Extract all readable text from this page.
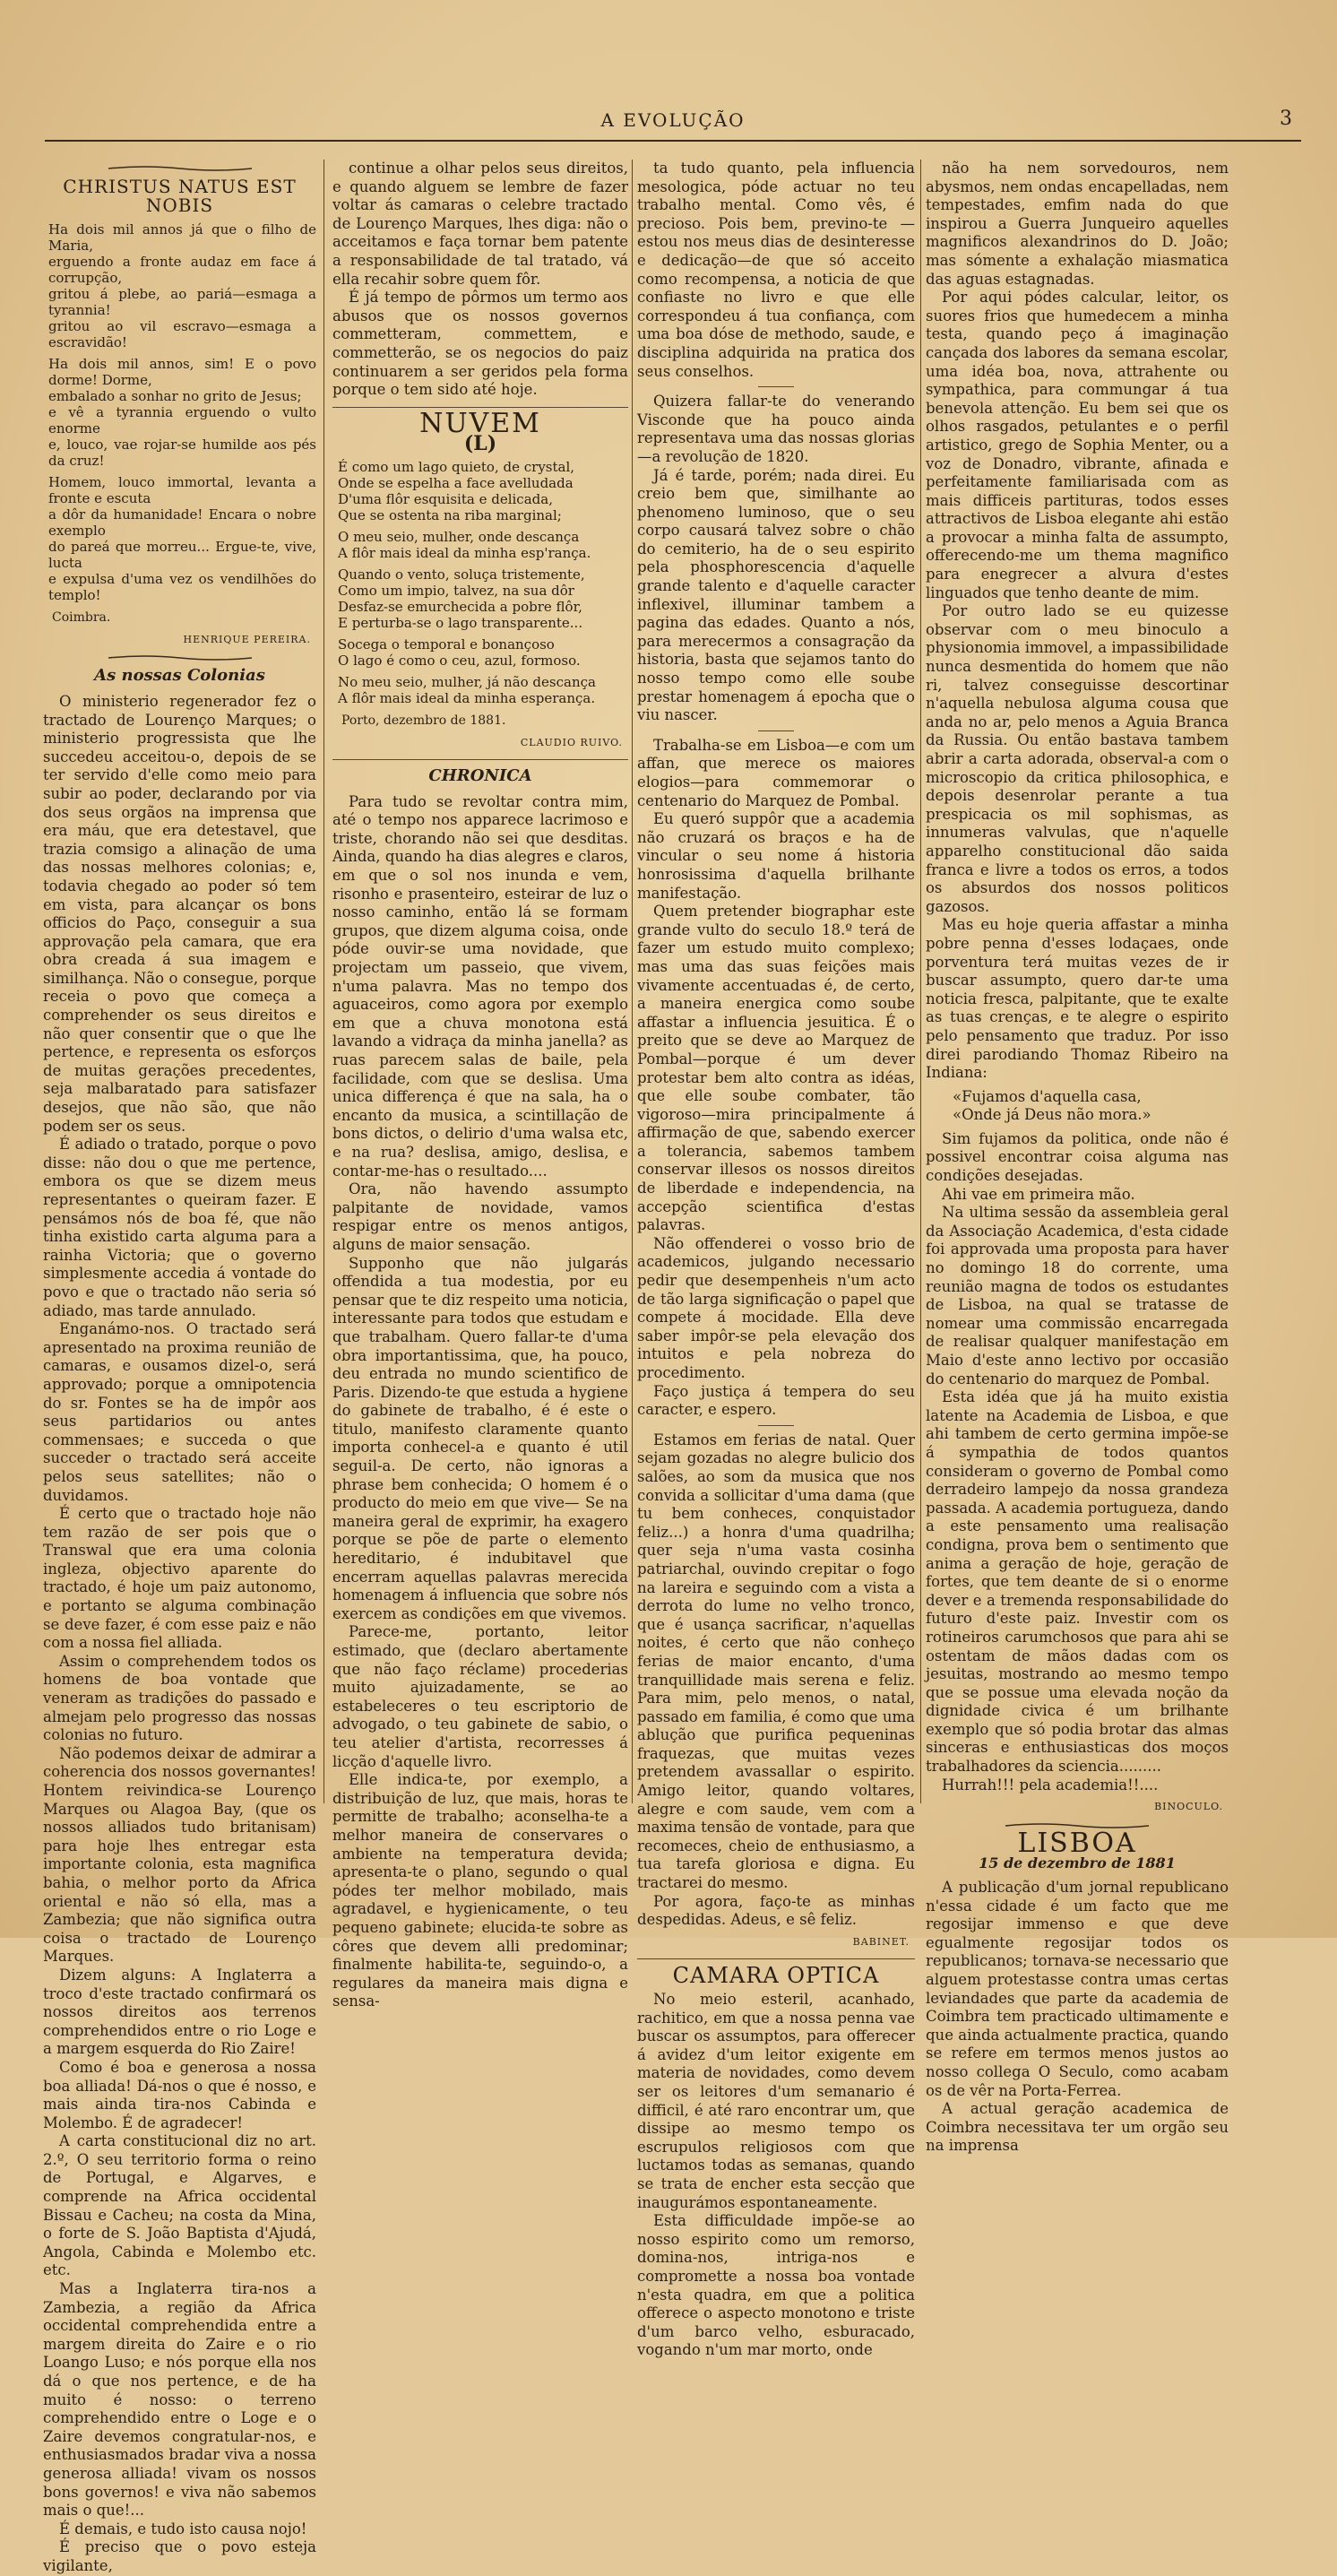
A EVOLUÇÃO	3
CHRISTUS NATUS EST NOBIS
Ha dois mil annos já que o filho de Maria,
erguendo a fronte audaz em face á corrupção,
gritou á plebe, ao pariá—esmaga a tyrannia!
gritou ao vil escravo—esmaga a escravidão!
Ha dois mil annos, sim! E o povo dorme! Dorme,
embalado a sonhar no grito de Jesus;
e vê a tyrannia erguendo o vulto enorme
e, louco, vae rojar-se humilde aos pés da cruz!
Homem, louco immortal, levanta a fronte e escuta
a dôr da humanidade! Encara o nobre exemplo
do pareá que morreu... Ergue-te, vive, lucta
e expulsa d'uma vez os vendilhões do templo!
Coimbra.
HENRIQUE PEREIRA.
As nossas Colonias

O ministerio regenerador fez o tractado de Lourenço Marques; o ministerio progressista que lhe succedeu acceitou-o, depois de se ter servido d'elle como meio para subir ao poder, declarando por via dos seus orgãos na imprensa que era máu, que era detestavel, que trazia comsigo a alinação de uma das nossas melhores colonias; e, todavia chegado ao poder só tem em vista, para alcançar os bons officios do Paço, conseguir a sua approvação pela camara, que era obra creada á sua imagem e similhança. Não o consegue, porque receia o povo que começa a comprehender os seus direitos e não quer consentir que o que lhe pertence, e representa os esforços de muitas gerações precedentes, seja malbaratado para satisfazer desejos, que não são, que não podem ser os seus.

É adiado o tratado, porque o povo disse: não dou o que me pertence, embora os que se dizem meus representantes o queiram fazer. E pensámos nós de boa fé, que não tinha existido carta alguma para a rainha Victoria; que o governo simplesmente accedia á vontade do povo e que o tractado não seria só adiado, mas tarde annulado.

Enganámo-nos. O tractado será apresentado na proxima reunião de camaras, e ousamos dizel-o, será approvado; porque a omnipotencia do sr. Fontes se ha de impôr aos seus partidarios ou antes commensaes; e succeda o que succeder o tractado será acceite pelos seus satellites; não o duvidamos.

É certo que o tractado hoje não tem razão de ser pois que o Transwal que era uma colonia ingleza, objectivo aparente do tractado, é hoje um paiz autonomo, e portanto se alguma combinação se deve fazer, é com esse paiz e não com a nossa fiel alliada.

Assim o comprehendem todos os homens de boa vontade que veneram as tradições do passado e almejam pelo progresso das nossas colonias no futuro.

Não podemos deixar de admirar a coherencia dos nossos governantes! Hontem reivindica-se Lourenço Marques ou Alagoa Bay, (que os nossos alliados tudo britanisam) para hoje lhes entregar esta importante colonia, esta magnifica bahia, o melhor porto da Africa oriental e não só ella, mas a Zambezia; que não significa outra coisa o tractado de Lourenço Marques.

Dizem alguns: A Inglaterra a troco d'este tractado confirmará os nossos direitos aos terrenos comprehendidos entre o rio Loge e a margem esquerda do Rio Zaire!

Como é boa e generosa a nossa boa alliada! Dá-nos o que é nosso, e mais ainda tira-nos Cabinda e Molembo. É de agradecer!

A carta constitucional diz no art. 2.º, O seu territorio forma o reino de Portugal, e Algarves, e comprende na Africa occidental Bissau e Cacheu; na costa da Mina, o forte de S. João Baptista d'Ajudá, Angola, Cabinda e Molembo etc. etc.

Mas a Inglaterra tira-nos a Zambezia, a região da Africa occidental comprehendida entre a margem direita do Zaire e o rio Loango Luso; e nós porque ella nos dá o que nos pertence, e de ha muito é nosso: o terreno comprehendido entre o Loge e o Zaire devemos congratular-nos, e enthusiasmados bradar viva a nossa generosa alliada! vivam os nossos bons governos! e viva não sabemos mais o que!...

É demais, e tudo isto causa nojo!

É preciso que o povo esteja vigilante,

continue a olhar pelos seus direitos, e quando alguem se lembre de fazer voltar ás camaras o celebre tractado de Lourenço Marques, lhes diga: não o acceitamos e faça tornar bem patente a responsabilidade de tal tratado, vá ella recahir sobre quem fôr.

É já tempo de pôrmos um termo aos abusos que os nossos governos commetteram, commettem, e commetterão, se os negocios do paiz continuarem a ser geridos pela forma porque o tem sido até hoje.

NUVEM
(L)
É como um lago quieto, de crystal,
Onde se espelha a face avelludada
D'uma flôr esquisita e delicada,
Que se ostenta na riba marginal;
O meu seio, mulher, onde descança
A flôr mais ideal da minha esp'rança.
Quando o vento, soluça tristemente,
Como um impio, talvez, na sua dôr
Desfaz-se emurchecida a pobre flôr,
E perturba-se o lago transparente...
Socega o temporal e bonançoso
O lago é como o ceu, azul, formoso.
No meu seio, mulher, já não descança
A flôr mais ideal da minha esperança.
Porto, dezembro de 1881.
CLAUDIO RUIVO.
CHRONICA

Para tudo se revoltar contra mim, até o tempo nos apparece lacrimoso e triste, chorando não sei que desditas. Ainda, quando ha dias alegres e claros, em que o sol nos inunda e vem, risonho e prasenteiro, esteirar de luz o nosso caminho, então lá se formam grupos, que dizem alguma coisa, onde póde ouvir-se uma novidade, que projectam um passeio, que vivem, n'uma palavra. Mas no tempo dos aguaceiros, como agora por exemplo em que a chuva monotona está lavando a vidraça da minha janella? as ruas parecem salas de baile, pela facilidade, com que se deslisa. Uma unica differença é que na sala, ha o encanto da musica, a scintillação de bons dictos, o delirio d'uma walsa etc, e na rua? deslisa, amigo, deslisa, e contar-me-has o resultado....

Ora, não havendo assumpto palpitante de novidade, vamos respigar entre os menos antigos, alguns de maior sensação.

Supponho que não julgarás offendida a tua modestia, por eu pensar que te diz respeito uma noticia, interessante para todos que estudam e que trabalham. Quero fallar-te d'uma obra importantissima, que, ha pouco, deu entrada no mundo scientifico de Paris. Dizendo-te que estuda a hygiene do gabinete de trabalho, é é este o titulo, manifesto claramente quanto importa conhecel-a e quanto é util seguil-a. De certo, não ignoras a phrase bem conhecida; O homem é o producto do meio em que vive— Se na maneira geral de exprimir, ha exagero porque se põe de parte o elemento hereditario, é indubitavel que encerram aquellas palavras merecida homenagem á influencia que sobre nós exercem as condições em que vivemos.

Parece-me, portanto, leitor estimado, que (declaro abertamente que não faço réclame) procederias muito ajuizadamente, se ao estabeleceres o teu escriptorio de advogado, o teu gabinete de sabio, o teu atelier d'artista, recorresses á licção d'aquelle livro.

Elle indica-te, por exemplo, a distribuição de luz, que mais, horas te permitte de trabalho; aconselha-te a melhor maneira de conservares o ambiente na temperatura devida; apresenta-te o plano, segundo o qual pódes ter melhor mobilado, mais agradavel, e hygienicamente, o teu pequeno gabinete; elucida-te sobre as côres que devem alli predominar; finalmente habilita-te, seguindo-o, a regulares da maneira mais digna e sensa-

ta tudo quanto, pela influencia mesologica, póde actuar no teu trabalho mental. Como vês, é precioso. Pois bem, previno-te —estou nos meus dias de desinteresse e dedicação—de que só acceito como recompensa, a noticia de que confiaste no livro e que elle correspondeu á tua confiança, com uma boa dóse de methodo, saude, e disciplina adquirida na pratica dos seus conselhos.

Quizera fallar-te do venerando Visconde que ha pouco ainda representava uma das nossas glorias—a revolução de 1820.

Já é tarde, porém; nada direi. Eu creio bem que, similhante ao phenomeno luminoso, que o seu corpo causará talvez sobre o chão do cemiterio, ha de o seu espirito pela phosphorescencia d'aquelle grande talento e d'aquelle caracter inflexivel, illuminar tambem a pagina das edades. Quanto a nós, para merecermos a consagração da historia, basta que sejamos tanto do nosso tempo como elle soube prestar homenagem á epocha que o viu nascer.

Trabalha-se em Lisboa—e com um affan, que merece os maiores elogios—para commemorar o centenario do Marquez de Pombal.

Eu queró suppôr que a academia não cruzará os braços e ha de vincular o seu nome á historia honrosissima d'aquella brilhante manifestação.

Quem pretender biographar este grande vulto do seculo 18.º terá de fazer um estudo muito complexo; mas uma das suas feições mais vivamente accentuadas é, de certo, a maneira energica como soube affastar a influencia jesuitica. É o preito que se deve ao Marquez de Pombal—porque é um dever protestar bem alto contra as idéas, que elle soube combater, tão vigoroso—mira principalmente á affirmação de que, sabendo exercer a tolerancia, sabemos tambem conservar illesos os nossos direitos de liberdade e independencia, na accepção scientifica d'estas palavras.

Não offenderei o vosso brio de academicos, julgando necessario pedir que desempenheis n'um acto de tão larga significação o papel que compete á mocidade. Ella deve saber impôr-se pela elevação dos intuitos e pela nobreza do procedimento.

Faço justiça á tempera do seu caracter, e espero.

Estamos em ferias de natal. Quer sejam gozadas no alegre bulicio dos salões, ao som da musica que nos convida a sollicitar d'uma dama (que tu bem conheces, conquistador feliz...) a honra d'uma quadrilha; quer seja n'uma vasta cosinha patriarchal, ouvindo crepitar o fogo na lareira e seguindo com a vista a derrota do lume no velho tronco, que é usança sacrificar, n'aquellas noites, é certo que não conheço ferias de maior encanto, d'uma tranquillidade mais serena e feliz. Para mim, pelo menos, o natal, passado em familia, é como que uma ablução que purifica pequeninas fraquezas, que muitas vezes pretendem avassallar o espirito. Amigo leitor, quando voltares, alegre e com saude, vem com a maxima tensão de vontade, para que recomeces, cheio de enthusiasmo, a tua tarefa gloriosa e digna. Eu tractarei do mesmo.

Por agora, faço-te as minhas despedidas. Adeus, e sê feliz.

BABINET.
CAMARA OPTICA

No meio esteril, acanhado, rachitico, em que a nossa penna vae buscar os assumptos, para offerecer á avidez d'um leitor exigente em materia de novidades, como devem ser os leitores d'um semanario é difficil, é até raro encontrar um, que dissipe ao mesmo tempo os escrupulos religiosos com que luctamos todas as semanas, quando se trata de encher esta secção que inaugurámos espontaneamente.

Esta difficuldade impõe-se ao nosso espirito como um remorso, domina-nos, intriga-nos e compromette a nossa boa vontade n'esta quadra, em que a politica offerece o aspecto monotono e triste d'um barco velho, esburacado, vogando n'um mar morto, onde

não ha nem sorvedouros, nem abysmos, nem ondas encapelladas, nem tempestades, emfim nada do que inspirou a Guerra Junqueiro aquelles magnificos alexandrinos do D. João; mas sómente a exhalação miasmatica das aguas estagnadas.

Por aqui pódes calcular, leitor, os suores frios que humedecem a minha testa, quando peço á imaginação cançada dos labores da semana escolar, uma idéa boa, nova, attrahente ou sympathica, para commungar á tua benevola attenção. Eu bem sei que os olhos rasgados, petulantes e o perfil artistico, grego de Sophia Menter, ou a voz de Donadro, vibrante, afinada e perfeitamente familiarisada com as mais difficeis partituras, todos esses attractivos de Lisboa elegante ahi estão a provocar a minha falta de assumpto, offerecendo-me um thema magnifico para enegrecer a alvura d'estes linguados que tenho deante de mim.

Por outro lado se eu quizesse observar com o meu binoculo a physionomia immovel, a impassibilidade nunca desmentida do homem que não ri, talvez conseguisse descortinar n'aquella nebulosa alguma cousa que anda no ar, pelo menos a Aguia Branca da Russia. Ou então bastava tambem abrir a carta adorada, observal-a com o microscopio da critica philosophica, e depois desenrolar perante a tua prespicacia os mil sophismas, as innumeras valvulas, que n'aquelle apparelho constitucional dão saida franca e livre a todos os erros, a todos os absurdos dos nossos politicos gazosos.

Mas eu hoje queria affastar a minha pobre penna d'esses lodaçaes, onde porventura terá muitas vezes de ir buscar assumpto, quero dar-te uma noticia fresca, palpitante, que te exalte as tuas crenças, e te alegre o espirito pelo pensamento que traduz. Por isso direi parodiando Thomaz Ribeiro na Indiana:

«Fujamos d'aquella casa,
«Onde já Deus não mora.»

Sim fujamos da politica, onde não é possivel encontrar coisa alguma nas condições desejadas.

Ahi vae em primeira mão.

Na ultima sessão da assembleia geral da Associação Academica, d'esta cidade foi approvada uma proposta para haver no domingo 18 do corrente, uma reunião magna de todos os estudantes de Lisboa, na qual se tratasse de nomear uma commissão encarregada de realisar qualquer manifestação em Maio d'este anno lectivo por occasião do centenario do marquez de Pombal.

Esta idéa que já ha muito existia latente na Academia de Lisboa, e que ahi tambem de certo germina impõe-se á sympathia de todos quantos consideram o governo de Pombal como derradeiro lampejo da nossa grandeza passada. A academia portugueza, dando a este pensamento uma realisação condigna, prova bem o sentimento que anima a geração de hoje, geração de fortes, que tem deante de si o enorme dever e a tremenda responsabilidade do futuro d'este paiz. Investir com os rotineiros carumchosos que para ahi se ostentam de mãos dadas com os jesuitas, mostrando ao mesmo tempo que se possue uma elevada noção da dignidade civica é um brilhante exemplo que só podia brotar das almas sinceras e enthusiasticas dos moços trabalhadores da sciencia.........

Hurrah!!! pela academia!!....

BINOCULO.
LISBOA
15 de dezembro de 1881

A publicação d'um jornal republicano n'essa cidade é um facto que me regosijar immenso e que deve egualmente regosijar todos os republicanos; tornava-se necessario que alguem protestasse contra umas certas leviandades que parte da academia de Coimbra tem practicado ultimamente e que ainda actualmente practica, quando se refere em termos menos justos ao nosso collega O Seculo, como acabam os de vêr na Porta-Ferrea.

A actual geração academica de Coimbra necessitava ter um orgão seu na imprensa
